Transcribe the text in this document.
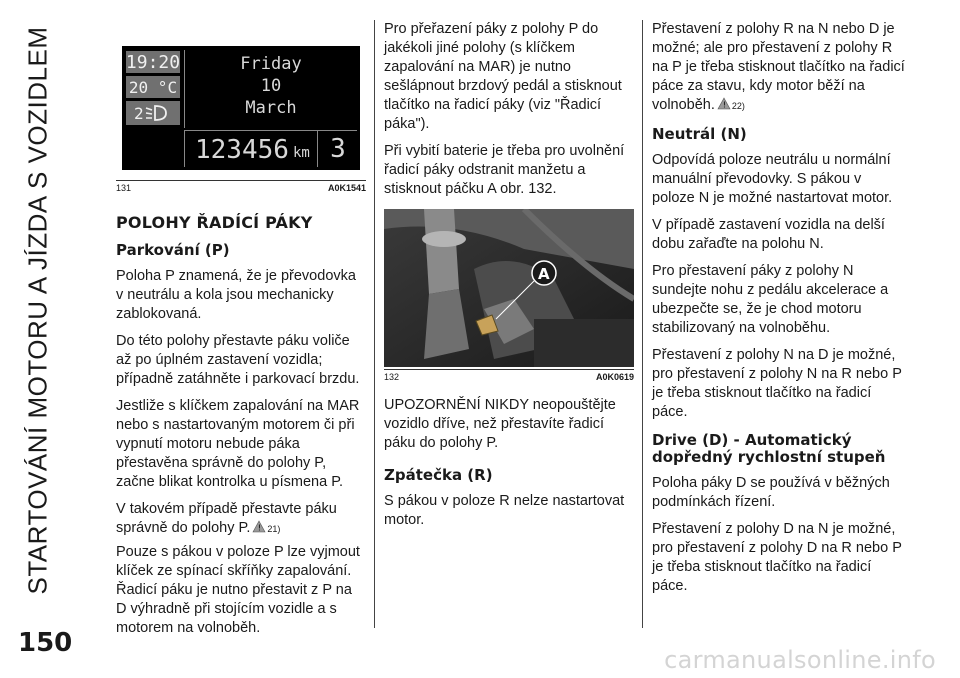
STARTOVÁNÍ MOTORU A JÍZDA S VOZIDLEM	19:20
20 °C
2
Friday
10
March
123456 km 3
131	A0K1541
POLOHY ŘADÍCÍ PÁKY
Parkování (P)

Poloha P znamená, že je převodovka v neutrálu a kola jsou mechanicky zablokovaná.

Do této polohy přestavte páku voliče až po úplném zastavení vozidla; případně zatáhněte i parkovací brzdu.

Jestliže s klíčkem zapalování na MAR nebo s nastartovaným motorem či při vypnutí motoru nebude páka přestavěna správně do polohy P, začne blikat kontrolka u písmena P.

V takovém případě přestavte páku správně do polohy P. ! 21)

Pouze s pákou v poloze P lze vyjmout klíček ze spínací skříňky zapalování. Řadicí páku je nutno přestavit z P na D výhradně při stojícím vozidle a s motorem na volnoběh.

Pro přeřazení páky z polohy P do jakékoli jiné polohy (s klíčkem zapalování na MAR) je nutno sešlápnout brzdový pedál a stisknout tlačítko na řadicí páky (viz "Řadicí páka").

Při vybití baterie je třeba pro uvolnění řadicí páky odstranit manžetu a stisknout páčku A obr. 132.

A
132	A0K0619

UPOZORNĚNÍ NIKDY neopouštějte vozidlo dříve, než přestavíte řadicí páku do polohy P.

Zpátečka (R)

S pákou v poloze R nelze nastartovat motor.

Přestavení z polohy R na N nebo D je možné; ale pro přestavení z polohy R na P je třeba stisknout tlačítko na řadicí páce za stavu, kdy motor běží na volnoběh. ! 22)

Neutrál (N)

Odpovídá poloze neutrálu u normální manuální převodovky. S pákou v poloze N je možné nastartovat motor.

V případě zastavení vozidla na delší dobu zařaďte na polohu N.

Pro přestavení páky z polohy N sundejte nohu z pedálu akcelerace a ubezpečte se, že je chod motoru stabilizovaný na volnoběhu.

Přestavení z polohy N na D je možné, pro přestavení z polohy N na R nebo P je třeba stisknout tlačítko na řadicí páce.

Drive (D) - Automatický dopředný rychlostní stupeň

Poloha páky D se používá v běžných podmínkách řízení.

Přestavení z polohy D na N je možné, pro přestavení z polohy D na R nebo P je třeba stisknout tlačítko na řadicí páce.

150
carmanualsonline.info
